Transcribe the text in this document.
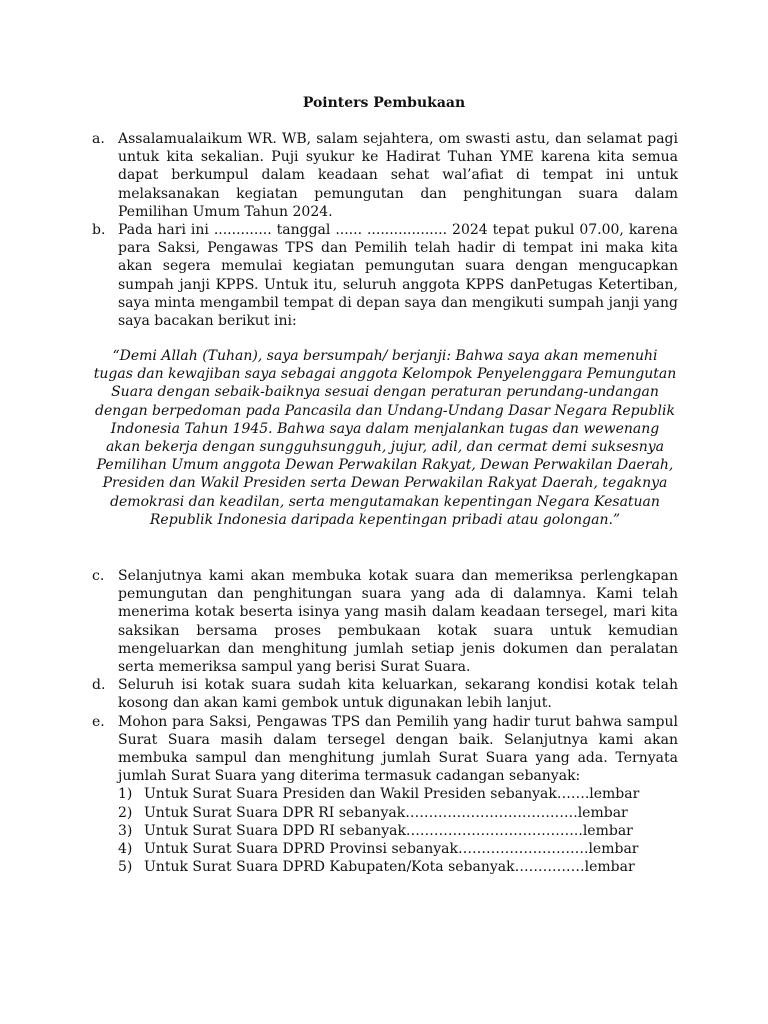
Pointers Pembukaan
a. Assalamualaikum WR. WB, salam sejahtera, om swasti astu, dan selamat pagi untuk kita sekalian. Puji syukur ke Hadirat Tuhan YME karena kita semua dapat berkumpul dalam keadaan sehat wal’afiat di tempat ini untuk melaksanakan kegiatan pemungutan dan penghitungan suara dalam Pemilihan Umum Tahun 2024.
b. Pada hari ini ............. tanggal ...... .................. 2024 tepat pukul 07.00, karena para Saksi, Pengawas TPS dan Pemilih telah hadir di tempat ini maka kita akan segera memulai kegiatan pemungutan suara dengan mengucapkan sumpah janji KPPS. Untuk itu, seluruh anggota KPPS danPetugas Ketertiban, saya minta mengambil tempat di depan saya dan mengikuti sumpah janji yang saya bacakan berikut ini:
“Demi Allah (Tuhan), saya bersumpah/ berjanji: Bahwa saya akan memenuhi tugas dan kewajiban saya sebagai anggota Kelompok Penyelenggara Pemungutan Suara dengan sebaik-baiknya sesuai dengan peraturan perundang-undangan dengan berpedoman pada Pancasila dan Undang-Undang Dasar Negara Republik Indonesia Tahun 1945. Bahwa saya dalam menjalankan tugas dan wewenang akan bekerja dengan sungguhsungguh, jujur, adil, dan cermat demi suksesnya Pemilihan Umum anggota Dewan Perwakilan Rakyat, Dewan Perwakilan Daerah, Presiden dan Wakil Presiden serta Dewan Perwakilan Rakyat Daerah, tegaknya demokrasi dan keadilan, serta mengutamakan kepentingan Negara Kesatuan Republik Indonesia daripada kepentingan pribadi atau golongan.”
c. Selanjutnya kami akan membuka kotak suara dan memeriksa perlengkapan pemungutan dan penghitungan suara yang ada di dalamnya. Kami telah menerima kotak beserta isinya yang masih dalam keadaan tersegel, mari kita saksikan bersama proses pembukaan kotak suara untuk kemudian mengeluarkan dan menghitung jumlah setiap jenis dokumen dan peralatan serta memeriksa sampul yang berisi Surat Suara.
d. Seluruh isi kotak suara sudah kita keluarkan, sekarang kondisi kotak telah kosong dan akan kami gembok untuk digunakan lebih lanjut.
e. Mohon para Saksi, Pengawas TPS dan Pemilih yang hadir turut bahwa sampul Surat Suara masih dalam tersegel dengan baik. Selanjutnya kami akan membuka sampul dan menghitung jumlah Surat Suara yang ada. Ternyata jumlah Surat Suara yang diterima termasuk cadangan sebanyak:
1) Untuk Surat Suara Presiden dan Wakil Presiden sebanyak…….lembar
2) Untuk Surat Suara DPR RI sebanyak……………………………….lembar
3) Untuk Surat Suara DPD RI sebanyak………………………………..lembar
4) Untuk Surat Suara DPRD Provinsi sebanyak……………………….lembar
5) Untuk Surat Suara DPRD Kabupaten/Kota sebanyak……………lembar
